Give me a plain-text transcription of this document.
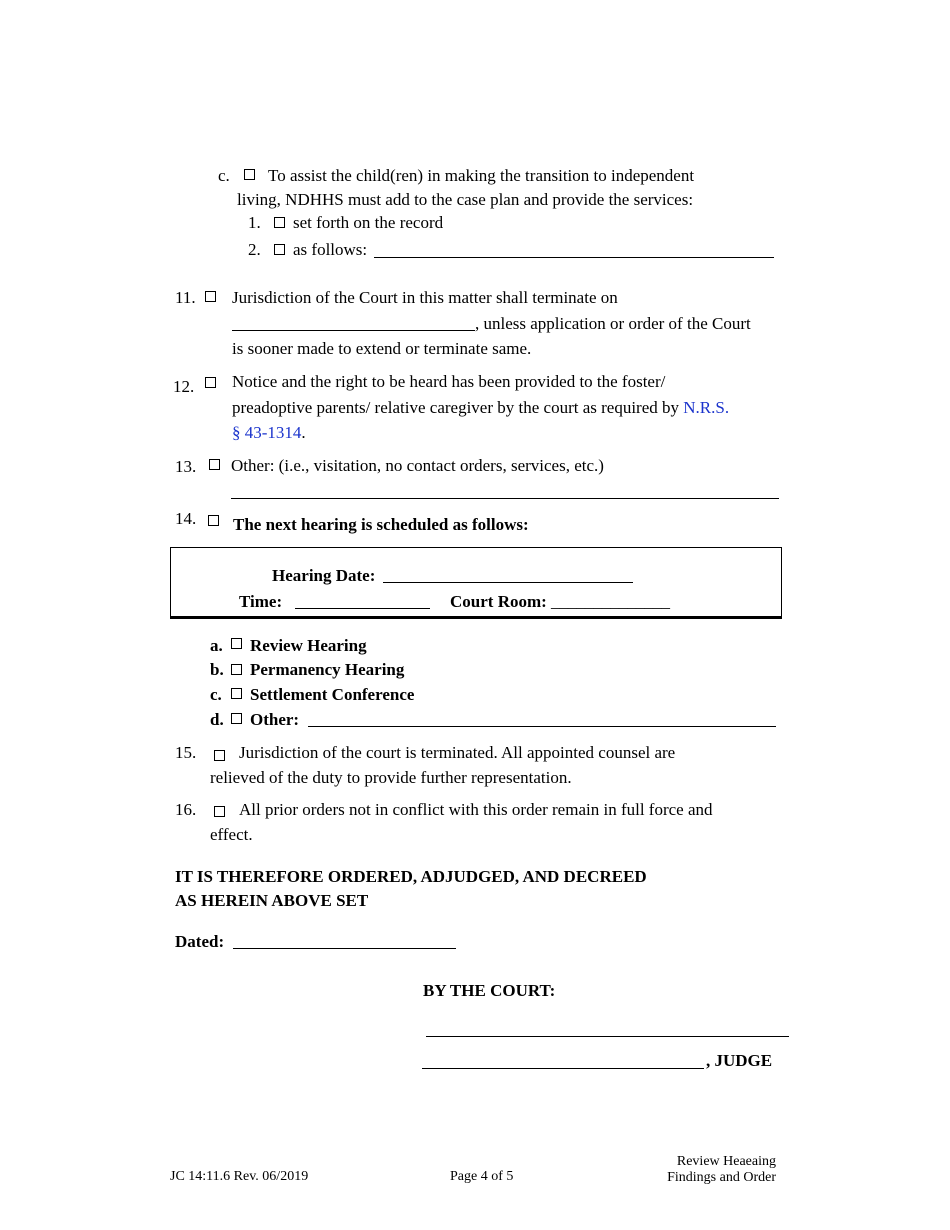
c. To assist the child(ren) in making the transition to independent
living, NDHHS must add to the case plan and provide the services:
1. set forth on the record
2. as follows:
11. Jurisdiction of the Court in this matter shall terminate on
, unless application or order of the Court
is sooner made to extend or terminate same.
Notice and the right to be heard has been provided to the foster/
12.
preadoptive parents/ relative caregiver by the court as required by N.R.S.
§ 43-1314.
13. Other: (i.e., visitation, no contact orders, services, etc.)
14. The next hearing is scheduled as follows:
Hearing Date:
Time:	Court Room: ______________
a. Review Hearing
b. Permanency Hearing
c. Settlement Conference
d. Other:
15.	Jurisdiction of the court is terminated. All appointed counsel are
relieved of the duty to provide further representation.
16.	All prior orders not in conflict with this order remain in full force and
effect.
IT IS THEREFORE ORDERED, ADJUDGED, AND DECREED
AS HEREIN ABOVE SET
Dated:
BY THE COURT:
, JUDGE
JC 14:11.6 Rev. 06/2019	Page 4 of 5
Review Heaeaing
Findings and Order
